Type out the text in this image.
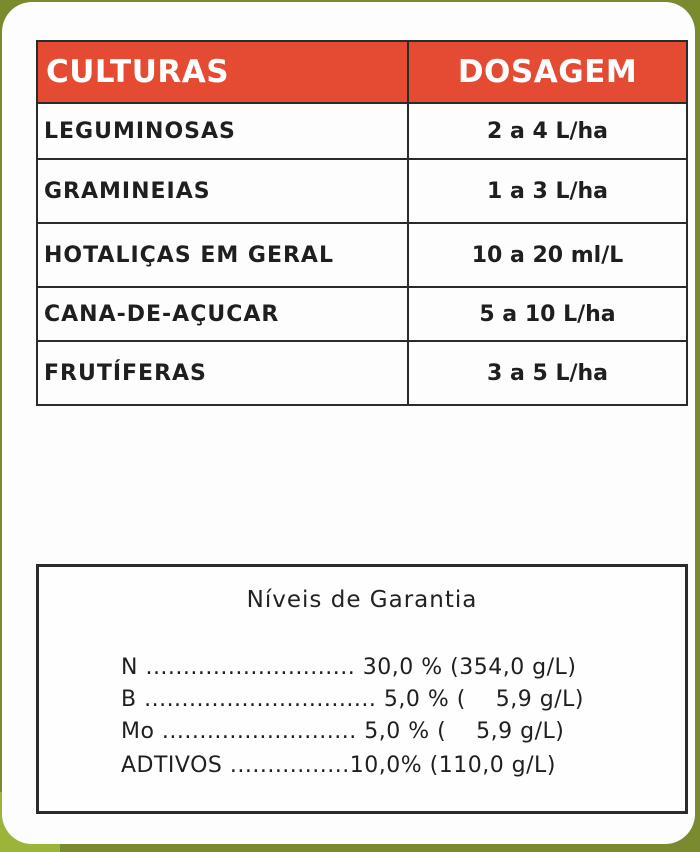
CULTURAS	DOSAGEM
LEGUMINOSAS	2 a 4 L/ha
GRAMINEIAS	1 a 3 L/ha
HOTALIÇAS EM GERAL	10 a 20 ml/L
CANA-DE-AÇUCAR	5 a 10 L/ha
FRUTÍFERAS	3 a 5 L/ha
Níveis de Garantia
N ............................ 30,0 % (354,0 g/L)
B ............................... 5,0 % (    5,9 g/L)
Mo .......................... 5,0 % (    5,9 g/L)
ADTIVOS ................10,0% (110,0 g/L)
